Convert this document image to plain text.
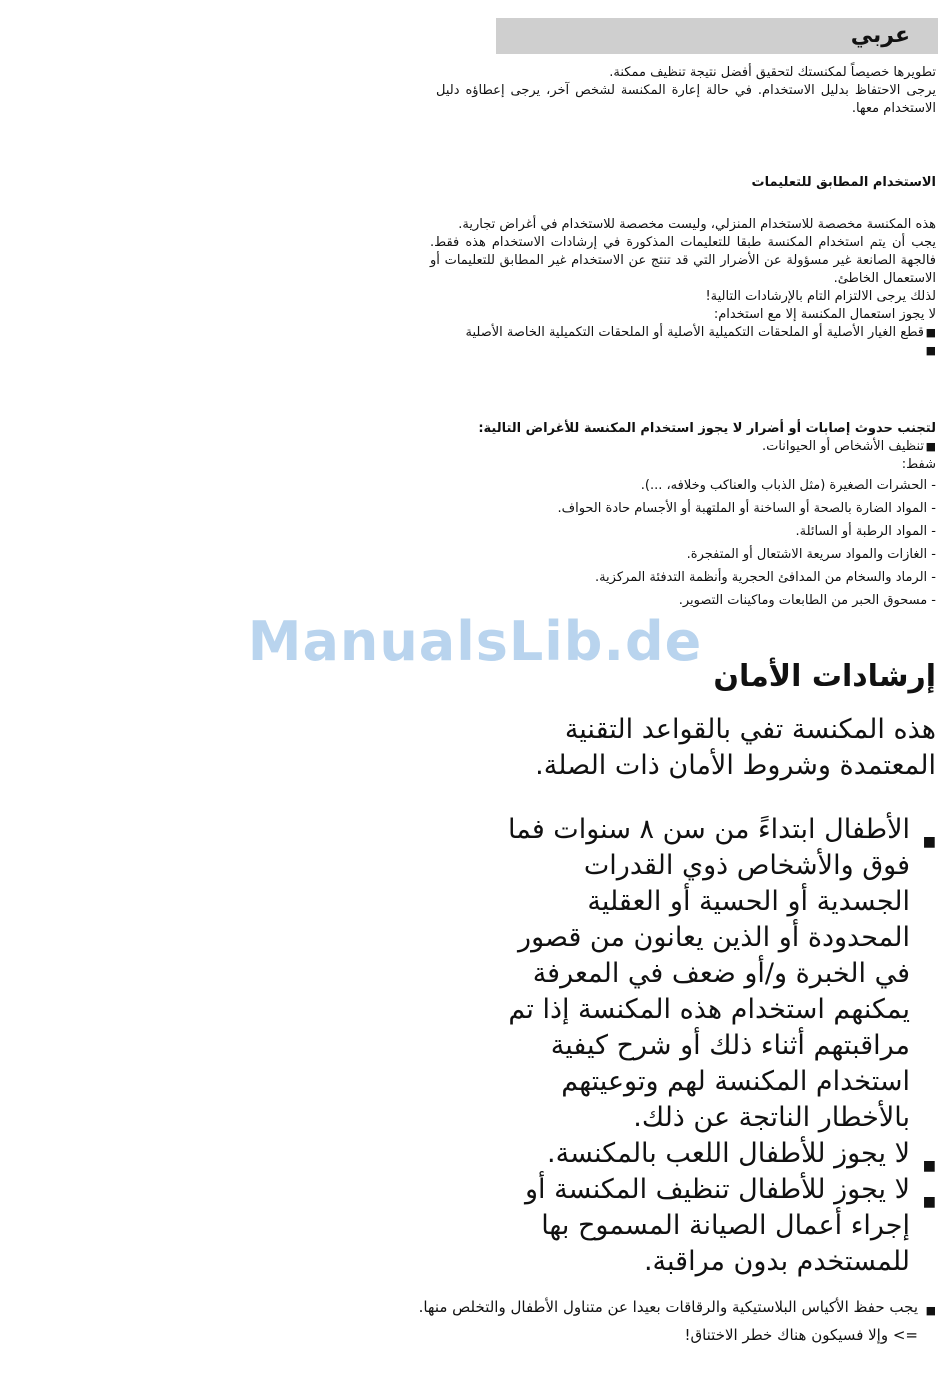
عربي

تطويرها خصيصاً لمكنستك لتحقيق أفضل نتيجة تنظيف ممكنة.

يرجى الاحتفاظ بدليل الاستخدام. في حالة إعارة المكنسة لشخص آخر، يرجى إعطاؤه دليل الاستخدام معها.

الاستخدام المطابق للتعليمات

هذه المكنسة مخصصة للاستخدام المنزلي، وليست مخصصة للاستخدام في أغراض تجارية.

يجب أن يتم استخدام المكنسة طبقا للتعليمات المذكورة في إرشادات الاستخدام هذه فقط. فالجهة الصانعة غير مسؤولة عن الأضرار التي قد تنتج عن الاستخدام غير المطابق للتعليمات أو الاستعمال الخاطئ.

لذلك يرجى الالتزام التام بالإرشادات التالية!

لا يجوز استعمال المكنسة إلا مع استخدام:

■
قطع الغيار الأصلية أو الملحقات التكميلية الأصلية أو الملحقات التكميلية الخاصة الأصلية

■

لتجنب حدوث إصابات أو أضرار لا يجوز استخدام المكنسة للأغراض التالية:

■
تنظيف الأشخاص أو الحيوانات.

شفط:

- الحشرات الصغيرة (مثل الذباب والعناكب وخلافه، ...).

- المواد الضارة بالصحة أو الساخنة أو الملتهبة أو الأجسام حادة الحواف.

- المواد الرطبة أو السائلة.

- الغازات والمواد سريعة الاشتعال أو المتفجرة.

- الرماد والسخام من المدافئ الحجرية وأنظمة التدفئة المركزية.

- مسحوق الحبر من الطابعات وماكينات التصوير.

ManualsLib.de
إرشادات الأمان

هذه المكنسة تفي بالقواعد التقنية المعتمدة وشروط الأمان ذات الصلة.

■
الأطفال ابتداءً من سن ٨ سنوات فما فوق والأشخاص ذوي القدرات الجسدية أو الحسية أو العقلية المحدودة أو الذين يعانون من قصور في الخبرة و/أو ضعف في المعرفة يمكنهم استخدام هذه المكنسة إذا تم مراقبتهم أثناء ذلك أو شرح كيفية استخدام المكنسة لهم وتوعيتهم بالأخطار الناتجة عن ذلك.

■
لا يجوز للأطفال اللعب بالمكنسة.

■
لا يجوز للأطفال تنظيف المكنسة أو إجراء أعمال الصيانة المسموح بها للمستخدم بدون مراقبة.

■
يجب حفظ الأكياس البلاستيكية والرقاقات بعيدا عن متناول الأطفال والتخلص منها.

=> وإلا فسيكون هناك خطر الاختناق!
